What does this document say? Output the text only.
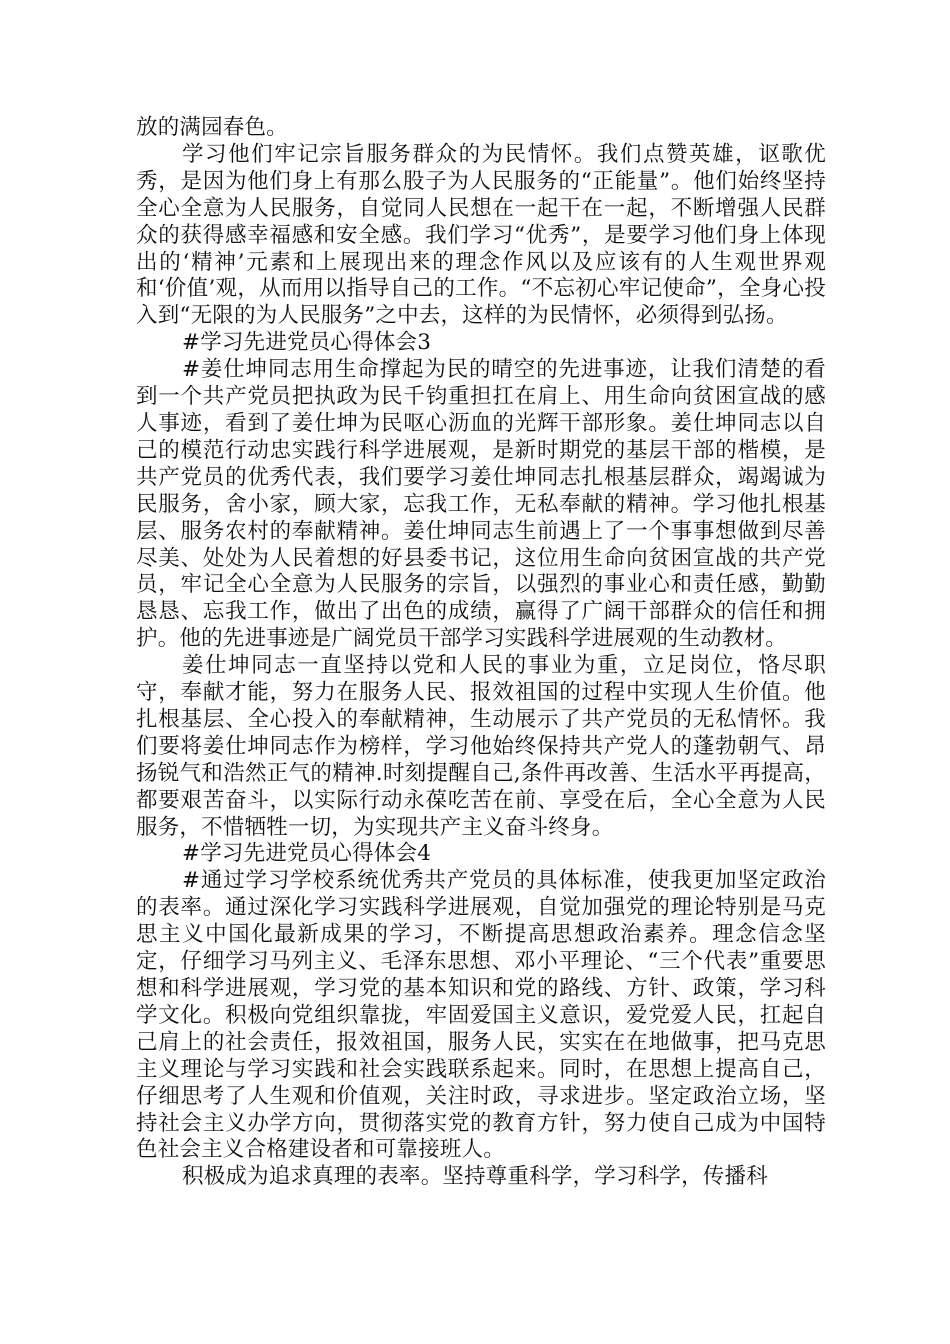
放的满园春色。

学习他们牢记宗旨服务群众的为民情怀。我们点赞英雄，讴歌优秀，是因为他们身上有那么股子为人民服务的“正能量”。他们始终坚持全心全意为人民服务，自觉同人民想在一起干在一起，不断增强人民群众的获得感幸福感和安全感。我们学习“优秀”，是要学习他们身上体现出的‘精神’元素和上展现出来的理念作风以及应该有的人生观世界观和‘价值’观，从而用以指导自己的工作。“不忘初心牢记使命”，全身心投入到“无限的为人民服务”之中去，这样的为民情怀，必须得到弘扬。

#学习先进党员心得体会3

#姜仕坤同志用生命撑起为民的晴空的先进事迹，让我们清楚的看到一个共产党员把执政为民千钧重担扛在肩上、用生命向贫困宣战的感人事迹，看到了姜仕坤为民呕心沥血的光辉干部形象。姜仕坤同志以自己的模范行动忠实践行科学进展观，是新时期党的基层干部的楷模，是共产党员的优秀代表，我们要学习姜仕坤同志扎根基层群众，竭竭诚为民服务，舍小家，顾大家，忘我工作，无私奉献的精神。学习他扎根基层、服务农村的奉献精神。姜仕坤同志生前遇上了一个事事想做到尽善尽美、处处为人民着想的好县委书记，这位用生命向贫困宣战的共产党员，牢记全心全意为人民服务的宗旨，以强烈的事业心和责任感，勤勤恳恳、忘我工作，做出了出色的成绩，赢得了广阔干部群众的信任和拥护。他的先进事迹是广阔党员干部学习实践科学进展观的生动教材。

姜仕坤同志一直坚持以党和人民的事业为重，立足岗位，恪尽职守，奉献才能，努力在服务人民、报效祖国的过程中实现人生价值。他扎根基层、全心投入的奉献精神，生动展示了共产党员的无私情怀。我们要将姜仕坤同志作为榜样，学习他始终保持共产党人的蓬勃朝气、昂扬锐气和浩然正气的精神.时刻提醒自己,条件再改善、生活水平再提高，都要艰苦奋斗，以实际行动永葆吃苦在前、享受在后，全心全意为人民服务，不惜牺牲一切，为实现共产主义奋斗终身。

#学习先进党员心得体会4

#通过学习学校系统优秀共产党员的具体标准，使我更加坚定政治的表率。通过深化学习实践科学进展观，自觉加强党的理论特别是马克思主义中国化最新成果的学习，不断提高思想政治素养。理念信念坚定，仔细学习马列主义、毛泽东思想、邓小平理论、“三个代表”重要思想和科学进展观，学习党的基本知识和党的路线、方针、政策，学习科学文化。积极向党组织靠拢，牢固爱国主义意识，爱党爱人民，扛起自己肩上的社会责任，报效祖国，服务人民，实实在在地做事，把马克思主义理论与学习实践和社会实践联系起来。同时，在思想上提高自己，仔细思考了人生观和价值观，关注时政，寻求进步。坚定政治立场，坚持社会主义办学方向，贯彻落实党的教育方针，努力使自己成为中国特色社会主义合格建设者和可靠接班人。

积极成为追求真理的表率。坚持尊重科学，学习科学，传播科
